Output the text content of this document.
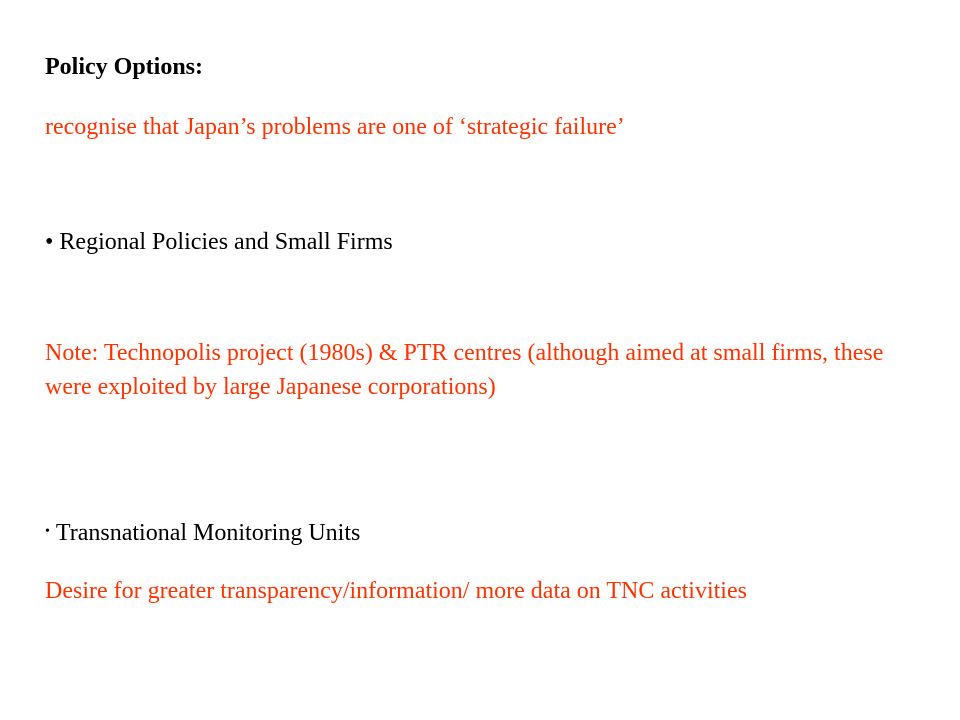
Policy Options:

recognise that Japan’s problems are one of ‘strategic failure’

• Regional Policies and Small Firms

Note: Technopolis project (1980s) & PTR centres (although aimed at small firms, these were exploited by large Japanese corporations)

• Transnational Monitoring Units

Desire for greater transparency/information/ more data on TNC activities
